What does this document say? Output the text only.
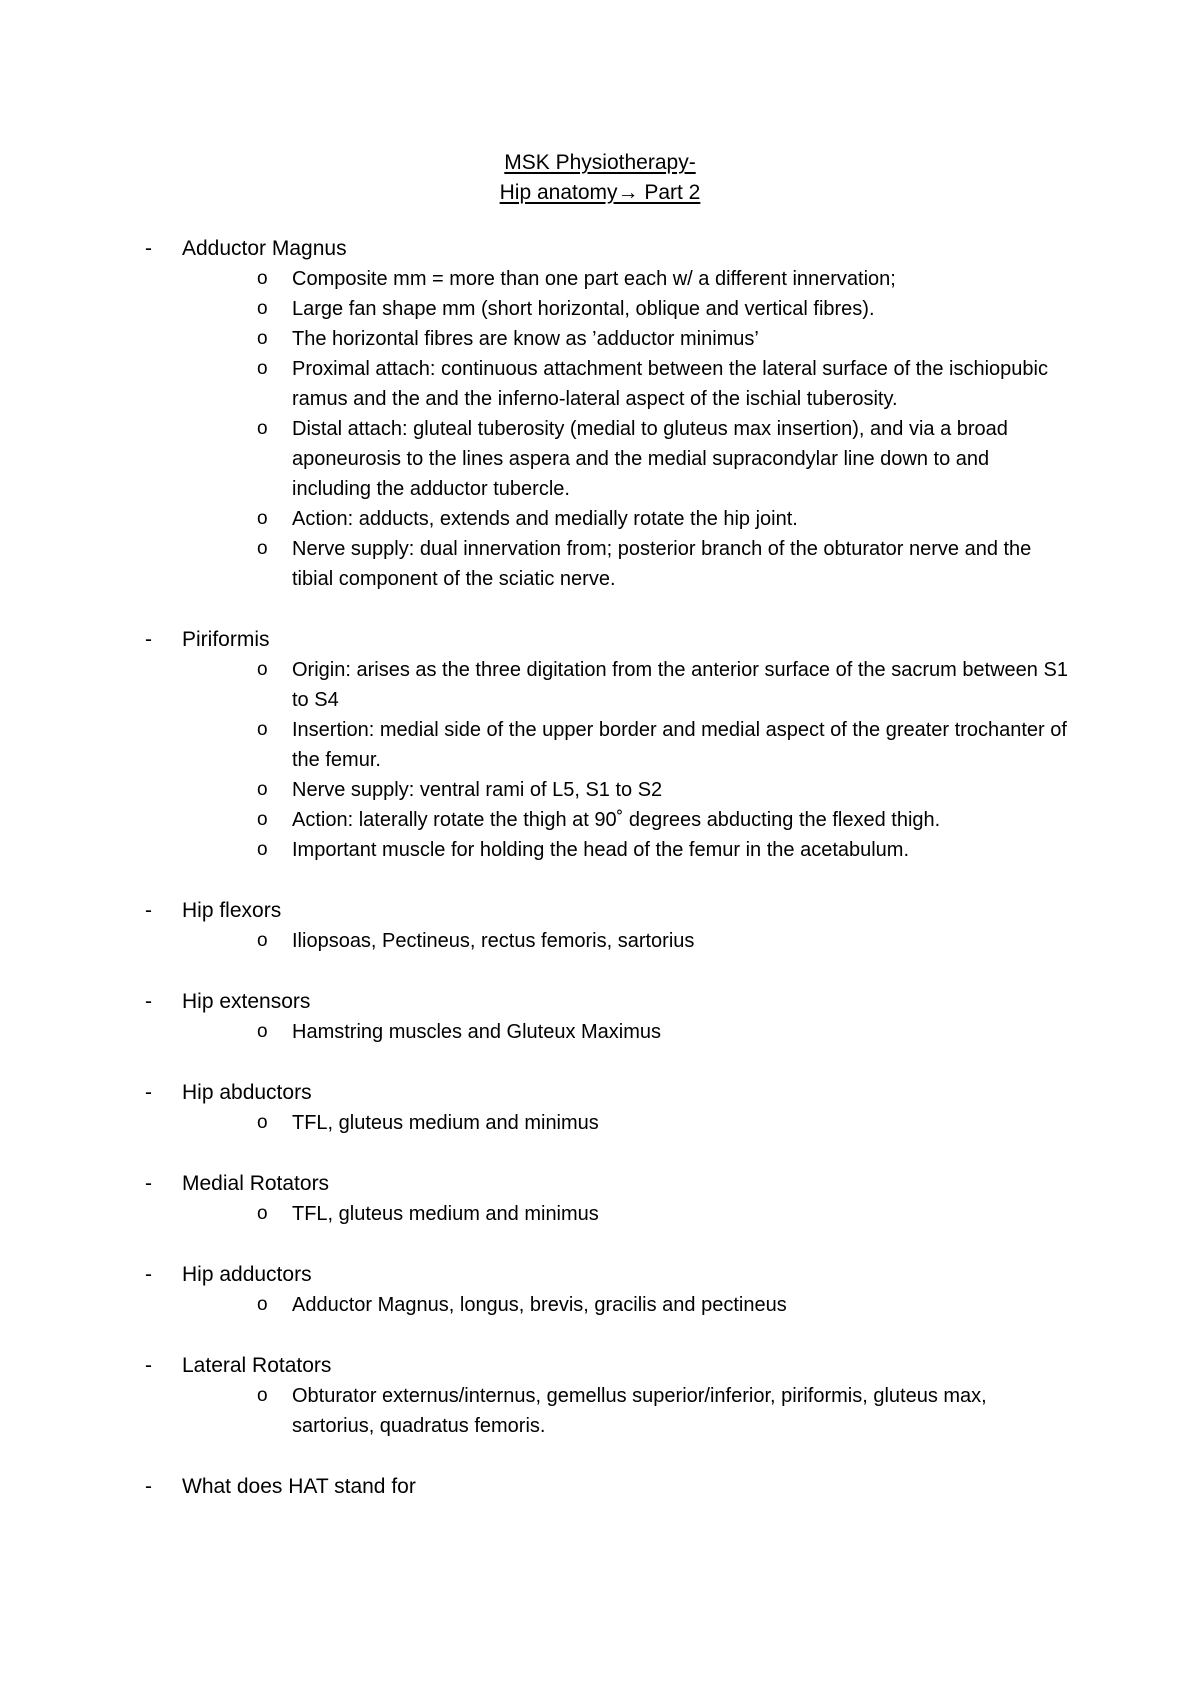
MSK Physiotherapy-
Hip anatomy→ Part 2
-	Adductor Magnus
o Composite mm = more than one part each w/ a different innervation;
o Large fan shape mm (short horizontal, oblique and vertical fibres).
o The horizontal fibres are know as ’adductor minimus’
o Proximal attach: continuous attachment between the lateral surface of the ischiopubic ramus and the and the inferno-lateral aspect of the ischial tuberosity.
o Distal attach: gluteal tuberosity (medial to gluteus max insertion), and via a broad aponeurosis to the lines aspera and the medial supracondylar line down to and including the adductor tubercle.
o Action: adducts, extends and medially rotate the hip joint.
o Nerve supply: dual innervation from; posterior branch of the obturator nerve and the tibial component of the sciatic nerve.
-	Piriformis
o Origin: arises as the three digitation from the anterior surface of the sacrum between S1 to S4
o Insertion: medial side of the upper border and medial aspect of the greater trochanter of the femur.
o Nerve supply: ventral rami of L5, S1 to S2
o Action: laterally rotate the thigh at 90˚ degrees abducting the flexed thigh.
o Important muscle for holding the head of the femur in the acetabulum.
-	Hip flexors
o Iliopsoas, Pectineus, rectus femoris, sartorius
-	Hip extensors
o Hamstring muscles and Gluteux Maximus
-	Hip abductors
o TFL, gluteus medium and minimus
-	Medial Rotators
o TFL, gluteus medium and minimus
-	Hip adductors
o Adductor Magnus, longus, brevis, gracilis and pectineus
-	Lateral Rotators
o Obturator externus/internus, gemellus superior/inferior, piriformis, gluteus max, sartorius, quadratus femoris.
-	What does HAT stand for
